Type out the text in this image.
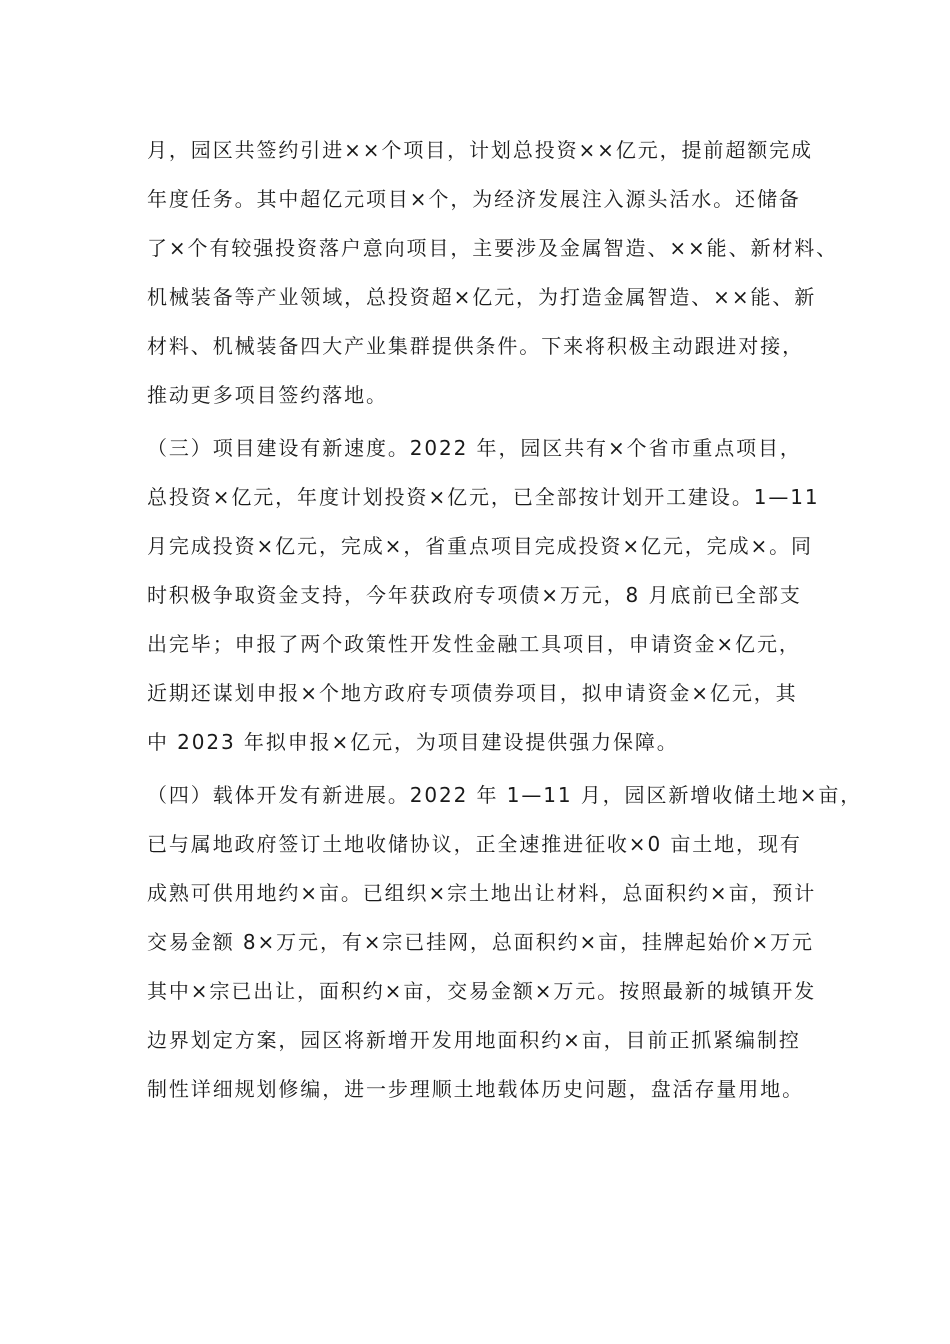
月，园区共签约引进××个项目，计划总投资××亿元，提前超额完成
年度任务。其中超亿元项目×个，为经济发展注入源头活水。还储备
了×个有较强投资落户意向项目，主要涉及金属智造、××能、新材料、
机械装备等产业领域，总投资超×亿元，为打造金属智造、××能、新
材料、机械装备四大产业集群提供条件。下来将积极主动跟进对接，
推动更多项目签约落地。
（三）项目建设有新速度。2022 年，园区共有×个省市重点项目，
总投资×亿元，年度计划投资×亿元，已全部按计划开工建设。1—11
月完成投资×亿元，完成×，省重点项目完成投资×亿元，完成×。同
时积极争取资金支持，今年获政府专项债×万元，8 月底前已全部支
出完毕；申报了两个政策性开发性金融工具项目，申请资金×亿元，
近期还谋划申报×个地方政府专项债券项目，拟申请资金×亿元，其
中 2023 年拟申报×亿元，为项目建设提供强力保障。
（四）载体开发有新进展。2022 年 1—11 月，园区新增收储土地×亩，
已与属地政府签订土地收储协议，正全速推进征收×0 亩土地，现有
成熟可供用地约×亩。已组织×宗土地出让材料，总面积约×亩，预计
交易金额 8×万元，有×宗已挂网，总面积约×亩，挂牌起始价×万元
其中×宗已出让，面积约×亩，交易金额×万元。按照最新的城镇开发
边界划定方案，园区将新增开发用地面积约×亩，目前正抓紧编制控
制性详细规划修编，进一步理顺土地载体历史问题，盘活存量用地。
